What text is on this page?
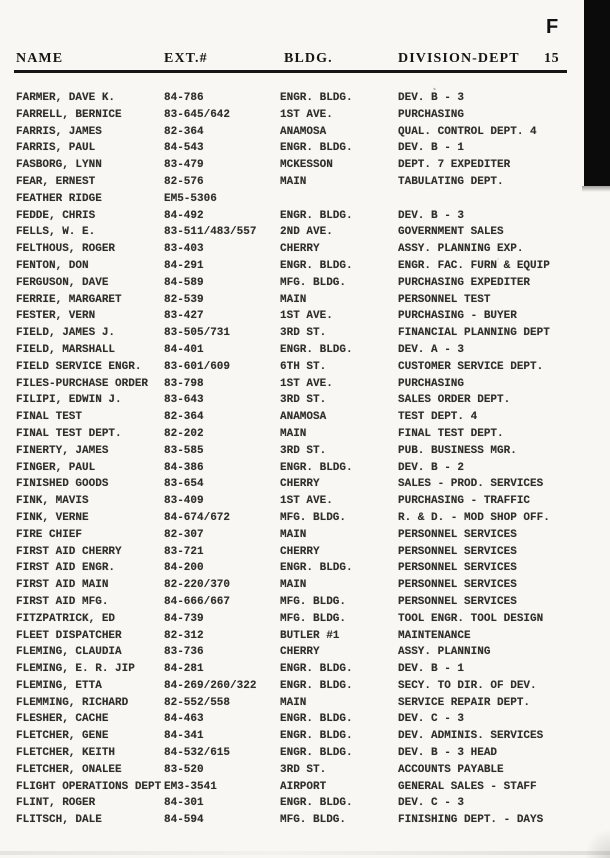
F
NAME	EXT.#	BLDG.	DIVISION-DEPT 15
FARMER, DAVE K.	84-786	ENGR. BLDG.	DEV. B - 3
FARRELL, BERNICE	83-645/642	1ST AVE.	PURCHASING
FARRIS, JAMES	82-364	ANAMOSA	QUAL. CONTROL DEPT. 4
FARRIS, PAUL	84-543	ENGR. BLDG.	DEV. B - 1
FASBORG, LYNN	83-479	MCKESSON	DEPT. 7 EXPEDITER
FEAR, ERNEST	82-576	MAIN	TABULATING DEPT.
FEATHER RIDGE	EM5-5306
FEDDE, CHRIS	84-492	ENGR. BLDG.	DEV. B - 3
FELLS, W. E.	83-511/483/557 2ND AVE.	GOVERNMENT SALES
FELTHOUS, ROGER	83-403	CHERRY	ASSY. PLANNING EXP.
FENTON, DON	84-291	ENGR. BLDG.	ENGR. FAC. FURN & EQUIP
FERGUSON, DAVE	84-589	MFG. BLDG.	PURCHASING EXPEDITER
FERRIE, MARGARET	82-539	MAIN	PERSONNEL TEST
FESTER, VERN	83-427	1ST AVE.	PURCHASING - BUYER
FIELD, JAMES J.	83-505/731	3RD ST.	FINANCIAL PLANNING DEPT
FIELD, MARSHALL	84-401	ENGR. BLDG.	DEV. A - 3
FIELD SERVICE ENGR. 83-601/609	6TH ST.	CUSTOMER SERVICE DEPT.
FILES-PURCHASE ORDER 83-798	1ST AVE.	PURCHASING
FILIPI, EDWIN J.	83-643	3RD ST.	SALES ORDER DEPT.
FINAL TEST	82-364	ANAMOSA	TEST DEPT. 4
FINAL TEST DEPT.	82-202	MAIN	FINAL TEST DEPT.
FINERTY, JAMES	83-585	3RD ST.	PUB. BUSINESS MGR.
FINGER, PAUL	84-386	ENGR. BLDG.	DEV. B - 2
FINISHED GOODS	83-654	CHERRY	SALES - PROD. SERVICES
FINK, MAVIS	83-409	1ST AVE.	PURCHASING - TRAFFIC
FINK, VERNE	84-674/672	MFG. BLDG.	R. & D. - MOD SHOP OFF.
FIRE CHIEF	82-307	MAIN	PERSONNEL SERVICES
FIRST AID CHERRY	83-721	CHERRY	PERSONNEL SERVICES
FIRST AID ENGR.	84-200	ENGR. BLDG.	PERSONNEL SERVICES
FIRST AID MAIN	82-220/370	MAIN	PERSONNEL SERVICES
FIRST AID MFG.	84-666/667	MFG. BLDG.	PERSONNEL SERVICES
FITZPATRICK, ED	84-739	MFG. BLDG.	TOOL ENGR. TOOL DESIGN
FLEET DISPATCHER	82-312	BUTLER #1	MAINTENANCE
FLEMING, CLAUDIA	83-736	CHERRY	ASSY. PLANNING
FLEMING, E. R. JIP	84-281	ENGR. BLDG.	DEV. B - 1
FLEMING, ETTA	84-269/260/322 ENGR. BLDG.	SECY. TO DIR. OF DEV.
FLEMMING, RICHARD	82-552/558	MAIN	SERVICE REPAIR DEPT.
FLESHER, CACHE	84-463	ENGR. BLDG.	DEV. C - 3
FLETCHER, GENE	84-341	ENGR. BLDG.	DEV. ADMINIS. SERVICES
FLETCHER, KEITH	84-532/615	ENGR. BLDG.	DEV. B - 3 HEAD
FLETCHER, ONALEE	83-520	3RD ST.	ACCOUNTS PAYABLE
FLIGHT OPERATIONS DEPT EM3-3541	AIRPORT	GENERAL SALES - STAFF
FLINT, ROGER	84-301	ENGR. BLDG.	DEV. C - 3
FLITSCH, DALE	84-594	MFG. BLDG.	FINISHING DEPT. - DAYS
